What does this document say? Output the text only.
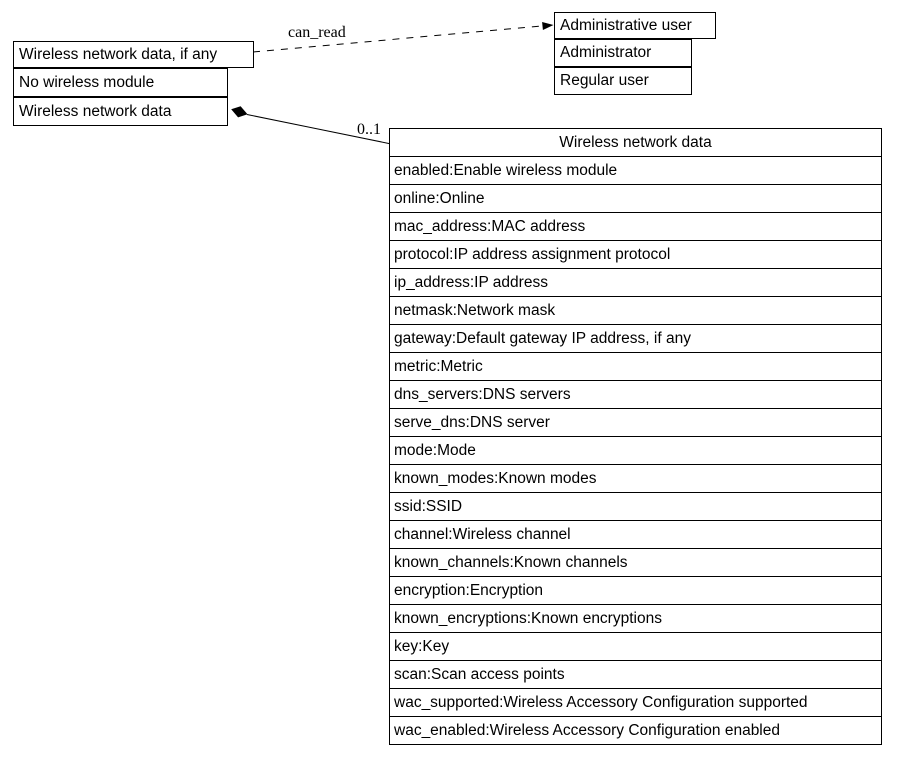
Wireless network data, if any
No wireless module
Wireless network data
Administrative user
Administrator
Regular user
can_read
0..1
Wireless network data
enabled:Enable wireless module
online:Online
mac_address:MAC address
protocol:IP address assignment protocol
ip_address:IP address
netmask:Network mask
gateway:Default gateway IP address, if any
metric:Metric
dns_servers:DNS servers
serve_dns:DNS server
mode:Mode
known_modes:Known modes
ssid:SSID
channel:Wireless channel
known_channels:Known channels
encryption:Encryption
known_encryptions:Known encryptions
key:Key
scan:Scan access points
wac_supported:Wireless Accessory Configuration supported
wac_enabled:Wireless Accessory Configuration enabled
